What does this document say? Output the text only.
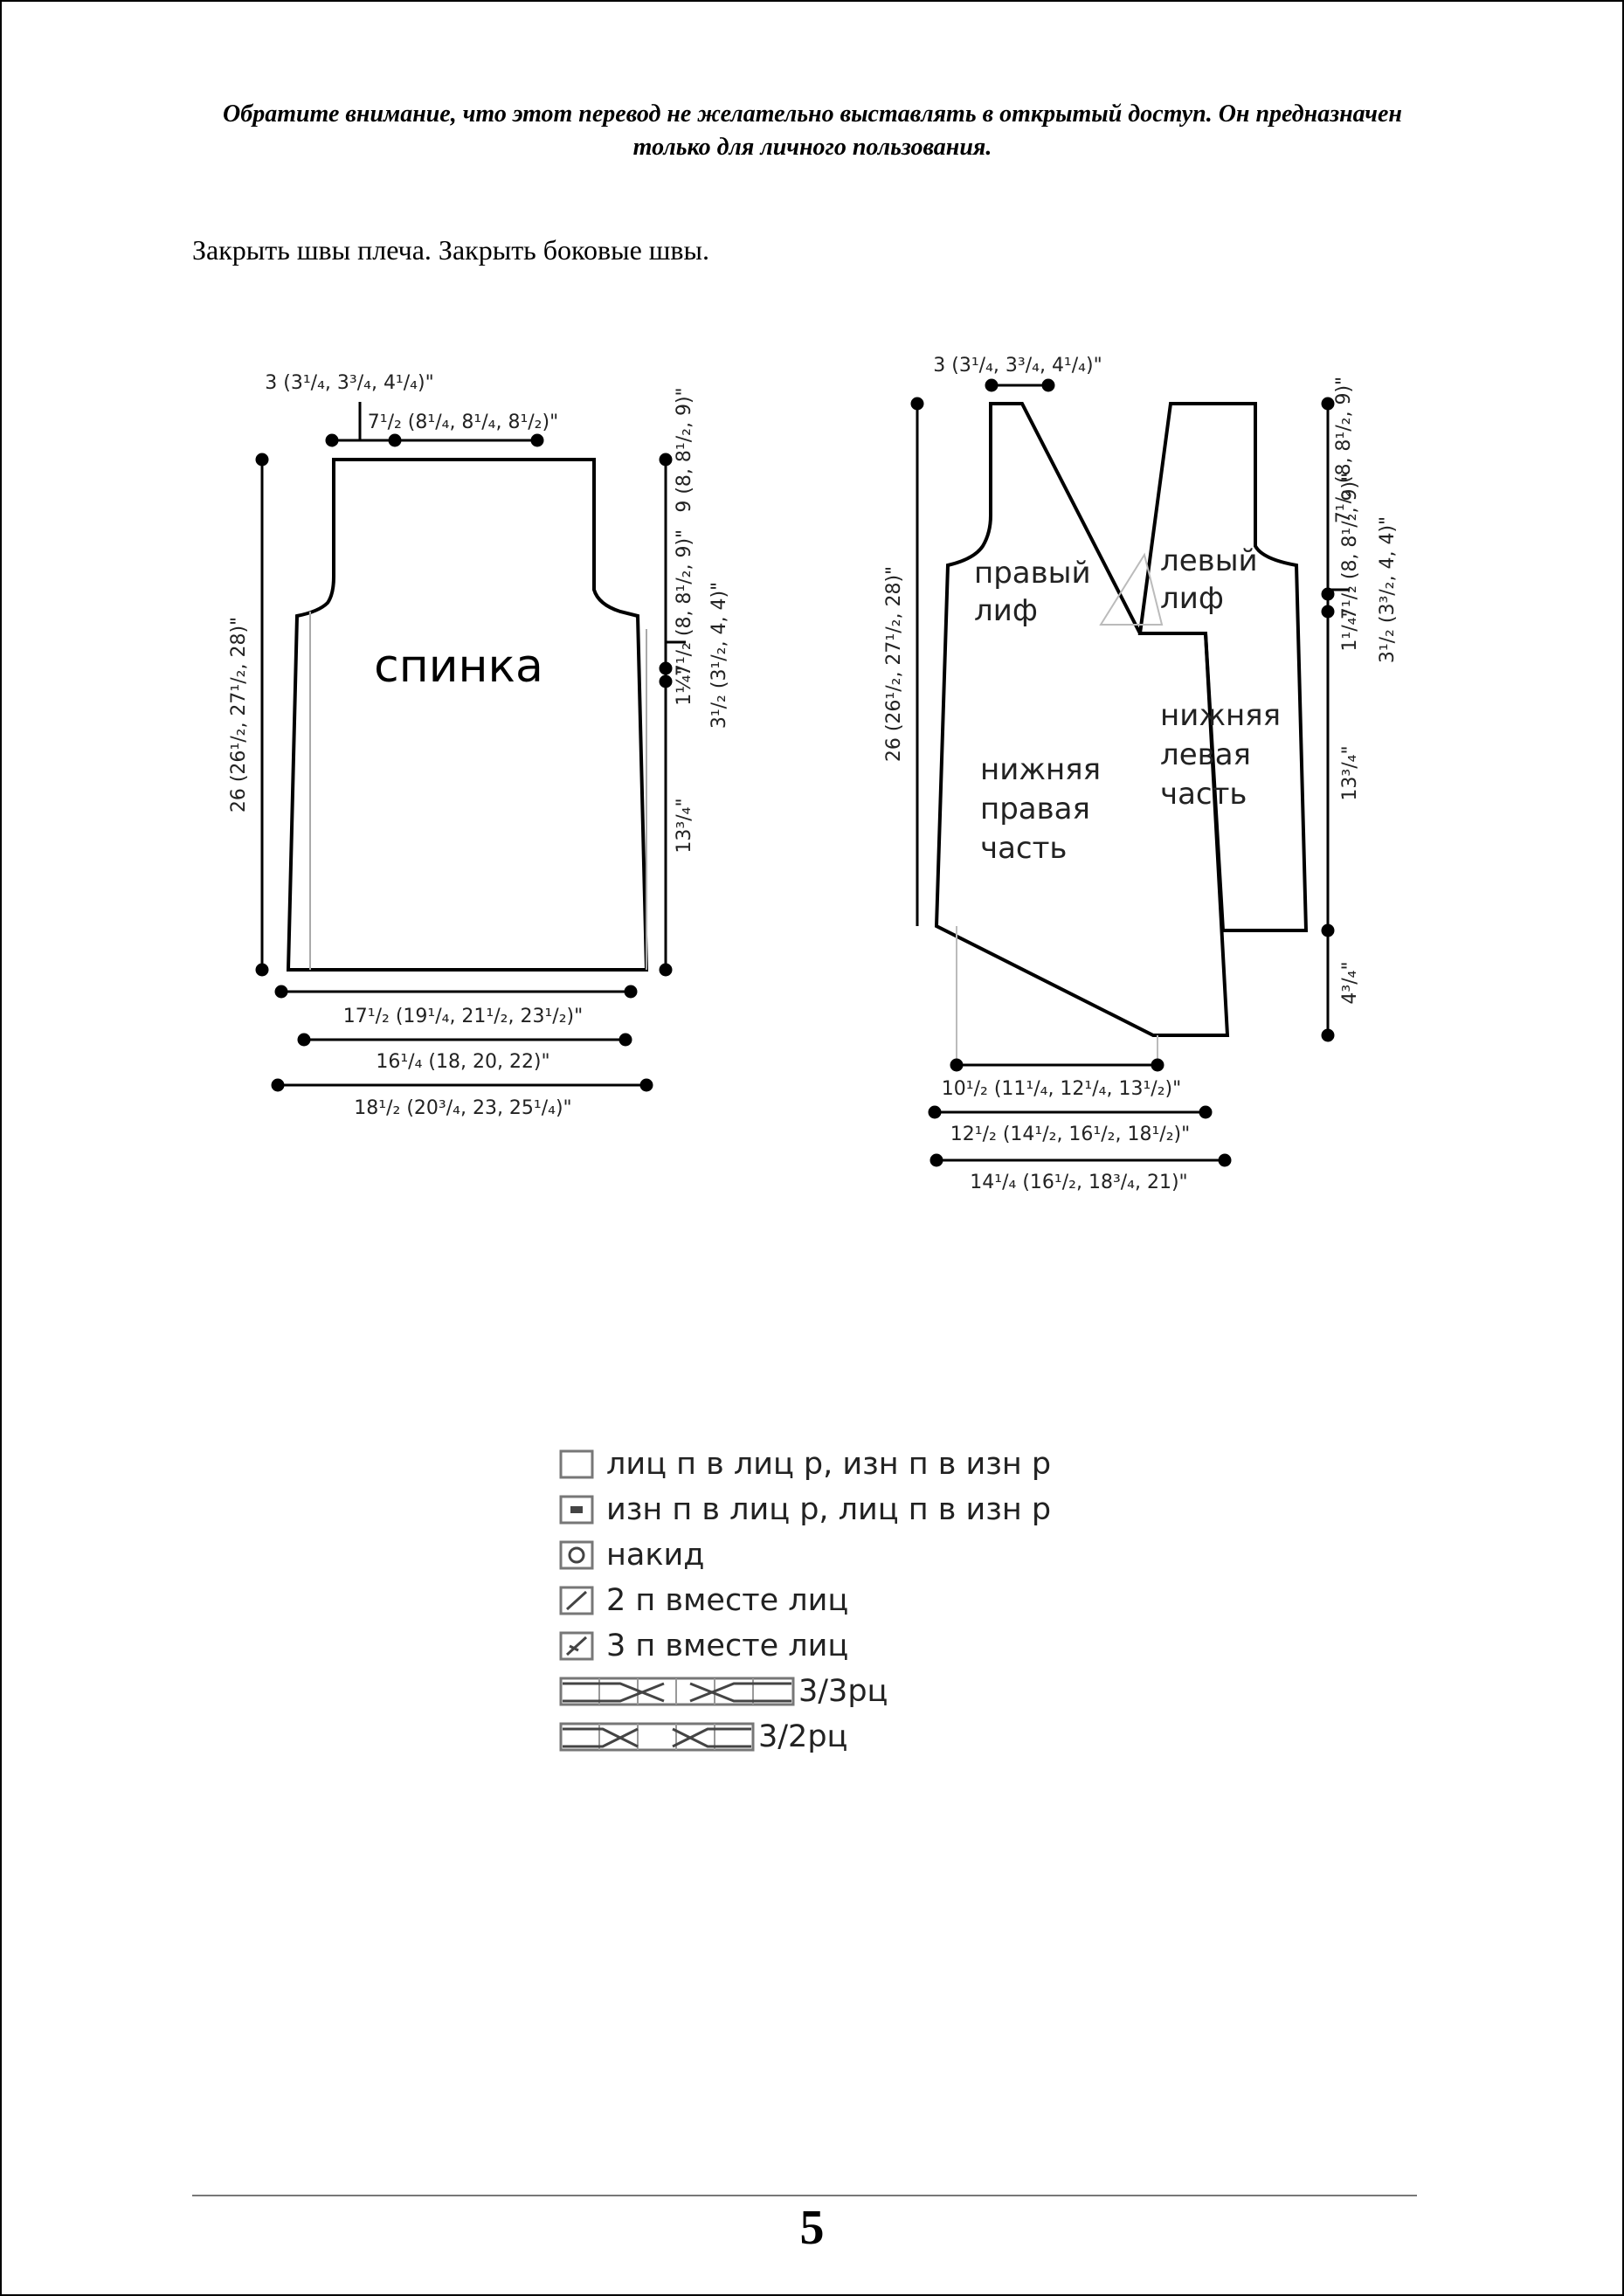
Обратите внимание, что этот перевод не желательно выставлять в открытый доступ. Он предназначен только для личного пользования.
Закрыть швы плеча. Закрыть боковые швы.
спинка
3 (3¹/₄, 3³/₄, 4¹/₄)"
7¹/₂ (8¹/₄, 8¹/₄, 8¹/₂)"
26 (26¹/₂, 27¹/₂, 28)"
7¹/₂ (8, 8¹/₂, 9)"
9 (8, 8¹/₂, 9)"
3¹/₂ (3¹/₂, 4, 4)"
1¼"
13³/₄"
17¹/₂ (19¹/₄, 21¹/₂, 23¹/₂)"
16¹/₄ (18, 20, 22)"
18¹/₂ (20³/₄, 23, 25¹/₄)"
правый лиф
левый лиф
нижняя левая часть
нижняя правая часть
3 (3¹/₄, 3³/₄, 4¹/₄)"
26 (26¹/₂, 27¹/₂, 28)"
7¹/₂ (8, 8¹/₂, 9)"
7¹/₂ (8, 8¹/₂, 9)" 3¹/₂ (3³/₂, 4, 4)"
1¹/₄"
13³/₄"
4³/₄"
10¹/₂ (11¹/₄, 12¹/₄, 13¹/₂)"
12¹/₂ (14¹/₂, 16¹/₂, 18¹/₂)"
14¹/₄ (16¹/₂, 18³/₄, 21)"
лиц п в лиц р, изн п в изн р
изн п в лиц р, лиц п в изн р
накид
2 п вместе лиц
3 п вместе лиц
3/3рц
3/2рц
5
